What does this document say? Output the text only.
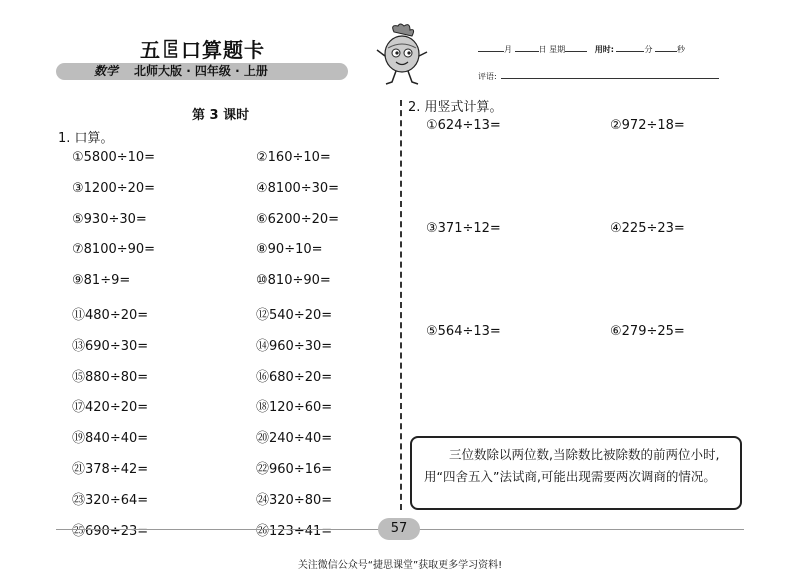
五E 口算题卡
数学 北师大版 · 四年级 · 上册
月	日 星期	用时:	分	秒
评语:
第 3 课时
1. 口算。
①5800÷10=	②160÷10=
③1200÷20=	④8100÷30=
⑤930÷30=	⑥6200÷20=
⑦8100÷90=	⑧90÷10=
⑨81÷9=	⑩810÷90=
⑪480÷20=	⑫540÷20=
⑬690÷30=	⑭960÷30=
⑮880÷80=	⑯680÷20=
⑰420÷20=	⑱120÷60=
⑲840÷40=	⑳240÷40=
㉑378÷42=	㉒960÷16=
㉓320÷64=	㉔320÷80=
㉕690÷23=	㉖123÷41=
2. 用竖式计算。
①624÷13=	②972÷18=
③371÷12=	④225÷23=
⑤564÷13=	⑥279÷25=
三位数除以两位数,当除数比被除数的前两位小时,用“四舍五入”法试商,可能出现需要两次调商的情况。
57
关注微信公众号“捷思课堂”获取更多学习资料!
